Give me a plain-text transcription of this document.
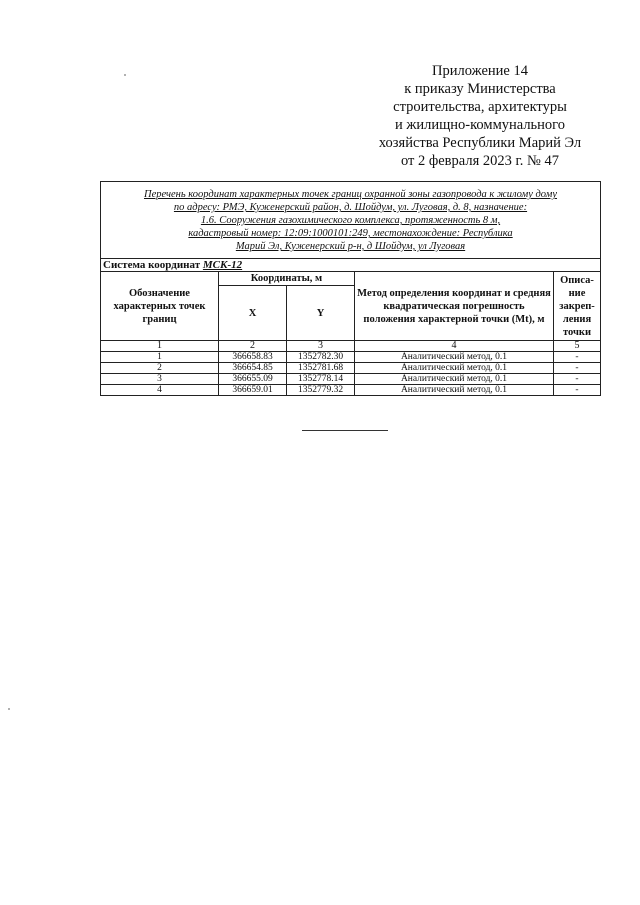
Приложение 14
к приказу Министерства
строительства, архитектуры
и жилищно-коммунального
хозяйства Республики Марий Эл
от 2 февраля 2023 г. № 47
Перечень координат характерных точек границ охранной зоны газопровода к жилому дому
по адресу: РМЭ, Куженерский район, д. Шойдум, ул. Луговая, д. 8, назначение:
1.6. Сооружения газохимического комплекса, протяженность 8 м,
кадастровый номер: 12:09:1000101:249, местонахождение: Республика
Марий Эл, Куженерский р-н, д Шойдум, ул Луговая				

Система координат МСК-12				
Обозначение характерных точек границ	Координаты, м		Метод определения координат и средняя квадратическая погрешность положения характерной точки (Mt), м	Описа-
ние
закреп-
ления
точки

	X	Y		
1	2	3	4	5
1	366658.83	1352782.30	Аналитический метод, 0.1	-
2	366654.85	1352781.68	Аналитический метод, 0.1	-
3	366655.09	1352778.14	Аналитический метод, 0.1	-
4	366659.01	1352779.32	Аналитический метод, 0.1	-
